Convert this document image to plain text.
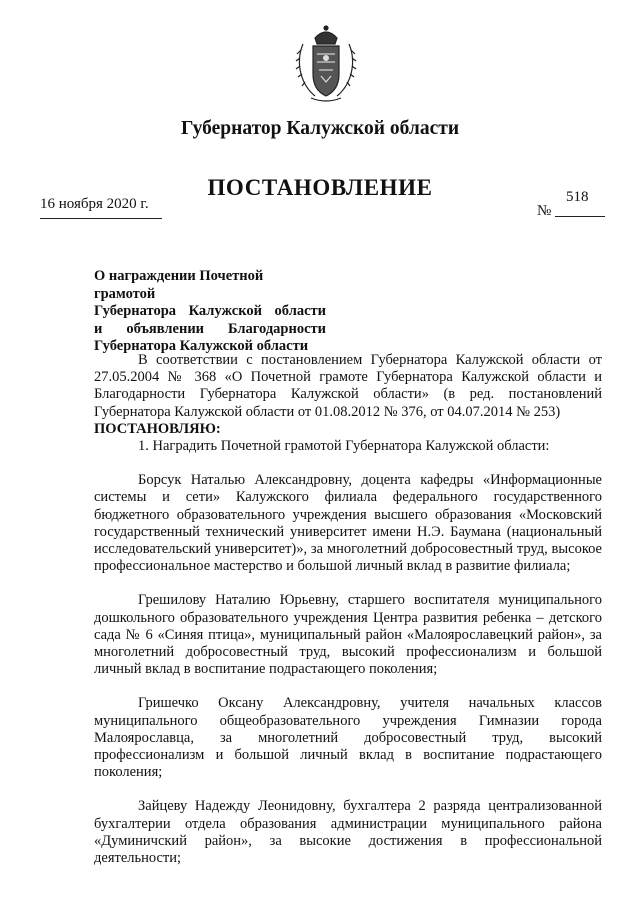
Губернатор Калужской области
16 ноября 2020 г.
ПОСТАНОВЛЕНИЕ	518
№
О награждении Почетной грамотой
Губернатора Калужской области
и объявлении Благодарности
Губернатора Калужской области

В соответствии с постановлением Губернатора Калужской области от 27.05.2004 № 368 «О Почетной грамоте Губернатора Калужской области и Благодарности Губернатора Калужской области» (в ред. постановлений Губернатора Калужской области от 01.08.2012 № 376, от 04.07.2014 № 253)

ПОСТАНОВЛЯЮ:

1. Наградить Почетной грамотой Губернатора Калужской области:

Борсук Наталью Александровну, доцента кафедры «Информационные системы и сети» Калужского филиала федерального государственного бюджетного образовательного учреждения высшего образования «Московский государственный технический университет имени Н.Э. Баумана (национальный исследовательский университет)», за многолетний добросовестный труд, высокое профессиональное мастерство и большой личный вклад в развитие филиала;

Грешилову Наталию Юрьевну, старшего воспитателя муниципального дошкольного образовательного учреждения Центра развития ребенка – детского сада № 6 «Синяя птица», муниципальный район «Малоярославецкий район», за многолетний добросовестный труд, высокий профессионализм и большой личный вклад в воспитание подрастающего поколения;

Гришечко Оксану Александровну, учителя начальных классов муниципального общеобразовательного учреждения Гимназии города Малоярославца, за многолетний добросовестный труд, высокий профессионализм и большой личный вклад в воспитание подрастающего поколения;

Зайцеву Надежду Леонидовну, бухгалтера 2 разряда централизованной бухгалтерии отдела образования администрации муниципального района «Думиничский район», за высокие достижения в профессиональной деятельности;
